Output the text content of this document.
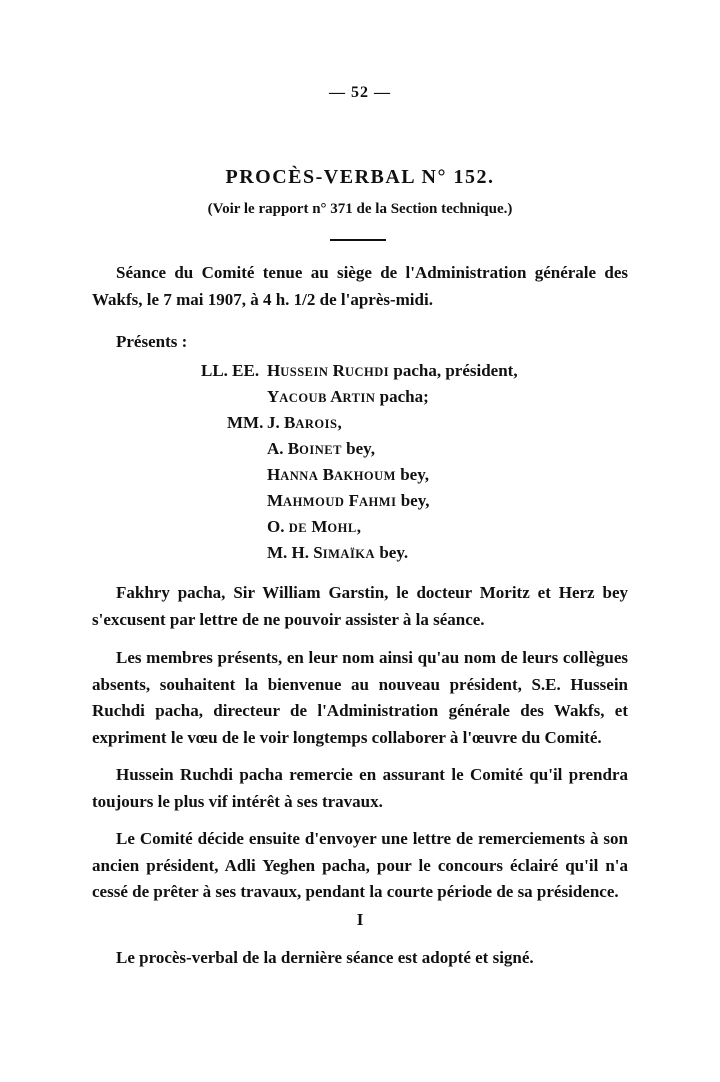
— 52 —
PROCÈS-VERBAL N° 152.
(Voir le rapport n° 371 de la Section technique.)
Séance du Comité tenue au siège de l'Administration générale des Wakfs, le 7 mai 1907, à 4 h. 1/2 de l'après-midi.
Présents :
LL. EE.
MM.
HUSSEIN RUCHDI pacha, président,
YACOUB ARTIN pacha;
J. BAROIS,
A. BOINET bey,
HANNA BAKHOUM bey,
MAHMOUD FAHMI bey,
O. DE MOHL,
M. H. SIMAÏKA bey.
Fakhry pacha, Sir William Garstin, le docteur Moritz et Herz bey s'excusent par lettre de ne pouvoir assister à la séance.
Les membres présents, en leur nom ainsi qu'au nom de leurs collègues absents, souhaitent la bienvenue au nouveau président, S.E. Hussein Ruchdi pacha, directeur de l'Administration générale des Wakfs, et expriment le vœu de le voir longtemps collaborer à l'œuvre du Comité.
Hussein Ruchdi pacha remercie en assurant le Comité qu'il prendra toujours le plus vif intérêt à ses travaux.
Le Comité décide ensuite d'envoyer une lettre de remerciements à son ancien président, Adli Yeghen pacha, pour le concours éclairé qu'il n'a cessé de prêter à ses travaux, pendant la courte période de sa présidence.
I
Le procès-verbal de la dernière séance est adopté et signé.
